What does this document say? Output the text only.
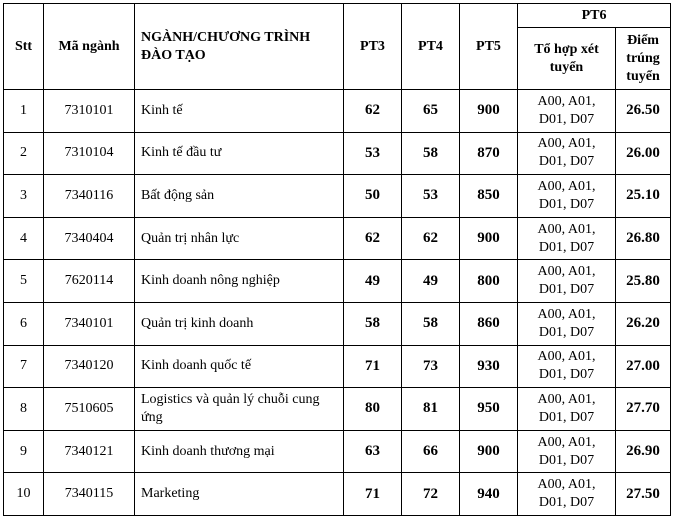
Stt	Mã ngành	NGÀNH/CHƯƠNG TRÌNH ĐÀO TẠO	PT3	PT4	PT5	PT6	
						Tổ hợp xét tuyển	Điểm trúng tuyển
1	7310101	Kinh tế	62	65	900	A00, A01, D01, D07	26.50
2	7310104	Kinh tế đầu tư	53	58	870	A00, A01, D01, D07	26.00
3	7340116	Bất động sản	50	53	850	A00, A01, D01, D07	25.10
4	7340404	Quản trị nhân lực	62	62	900	A00, A01, D01, D07	26.80
5	7620114	Kinh doanh nông nghiệp	49	49	800	A00, A01, D01, D07	25.80
6	7340101	Quản trị kinh doanh	58	58	860	A00, A01, D01, D07	26.20
7	7340120	Kinh doanh quốc tế	71	73	930	A00, A01, D01, D07	27.00
8	7510605	Logistics và quản lý chuỗi cung ứng	80	81	950	A00, A01, D01, D07	27.70
9	7340121	Kinh doanh thương mại	63	66	900	A00, A01, D01, D07	26.90
10	7340115	Marketing	71	72	940	A00, A01, D01, D07	27.50
